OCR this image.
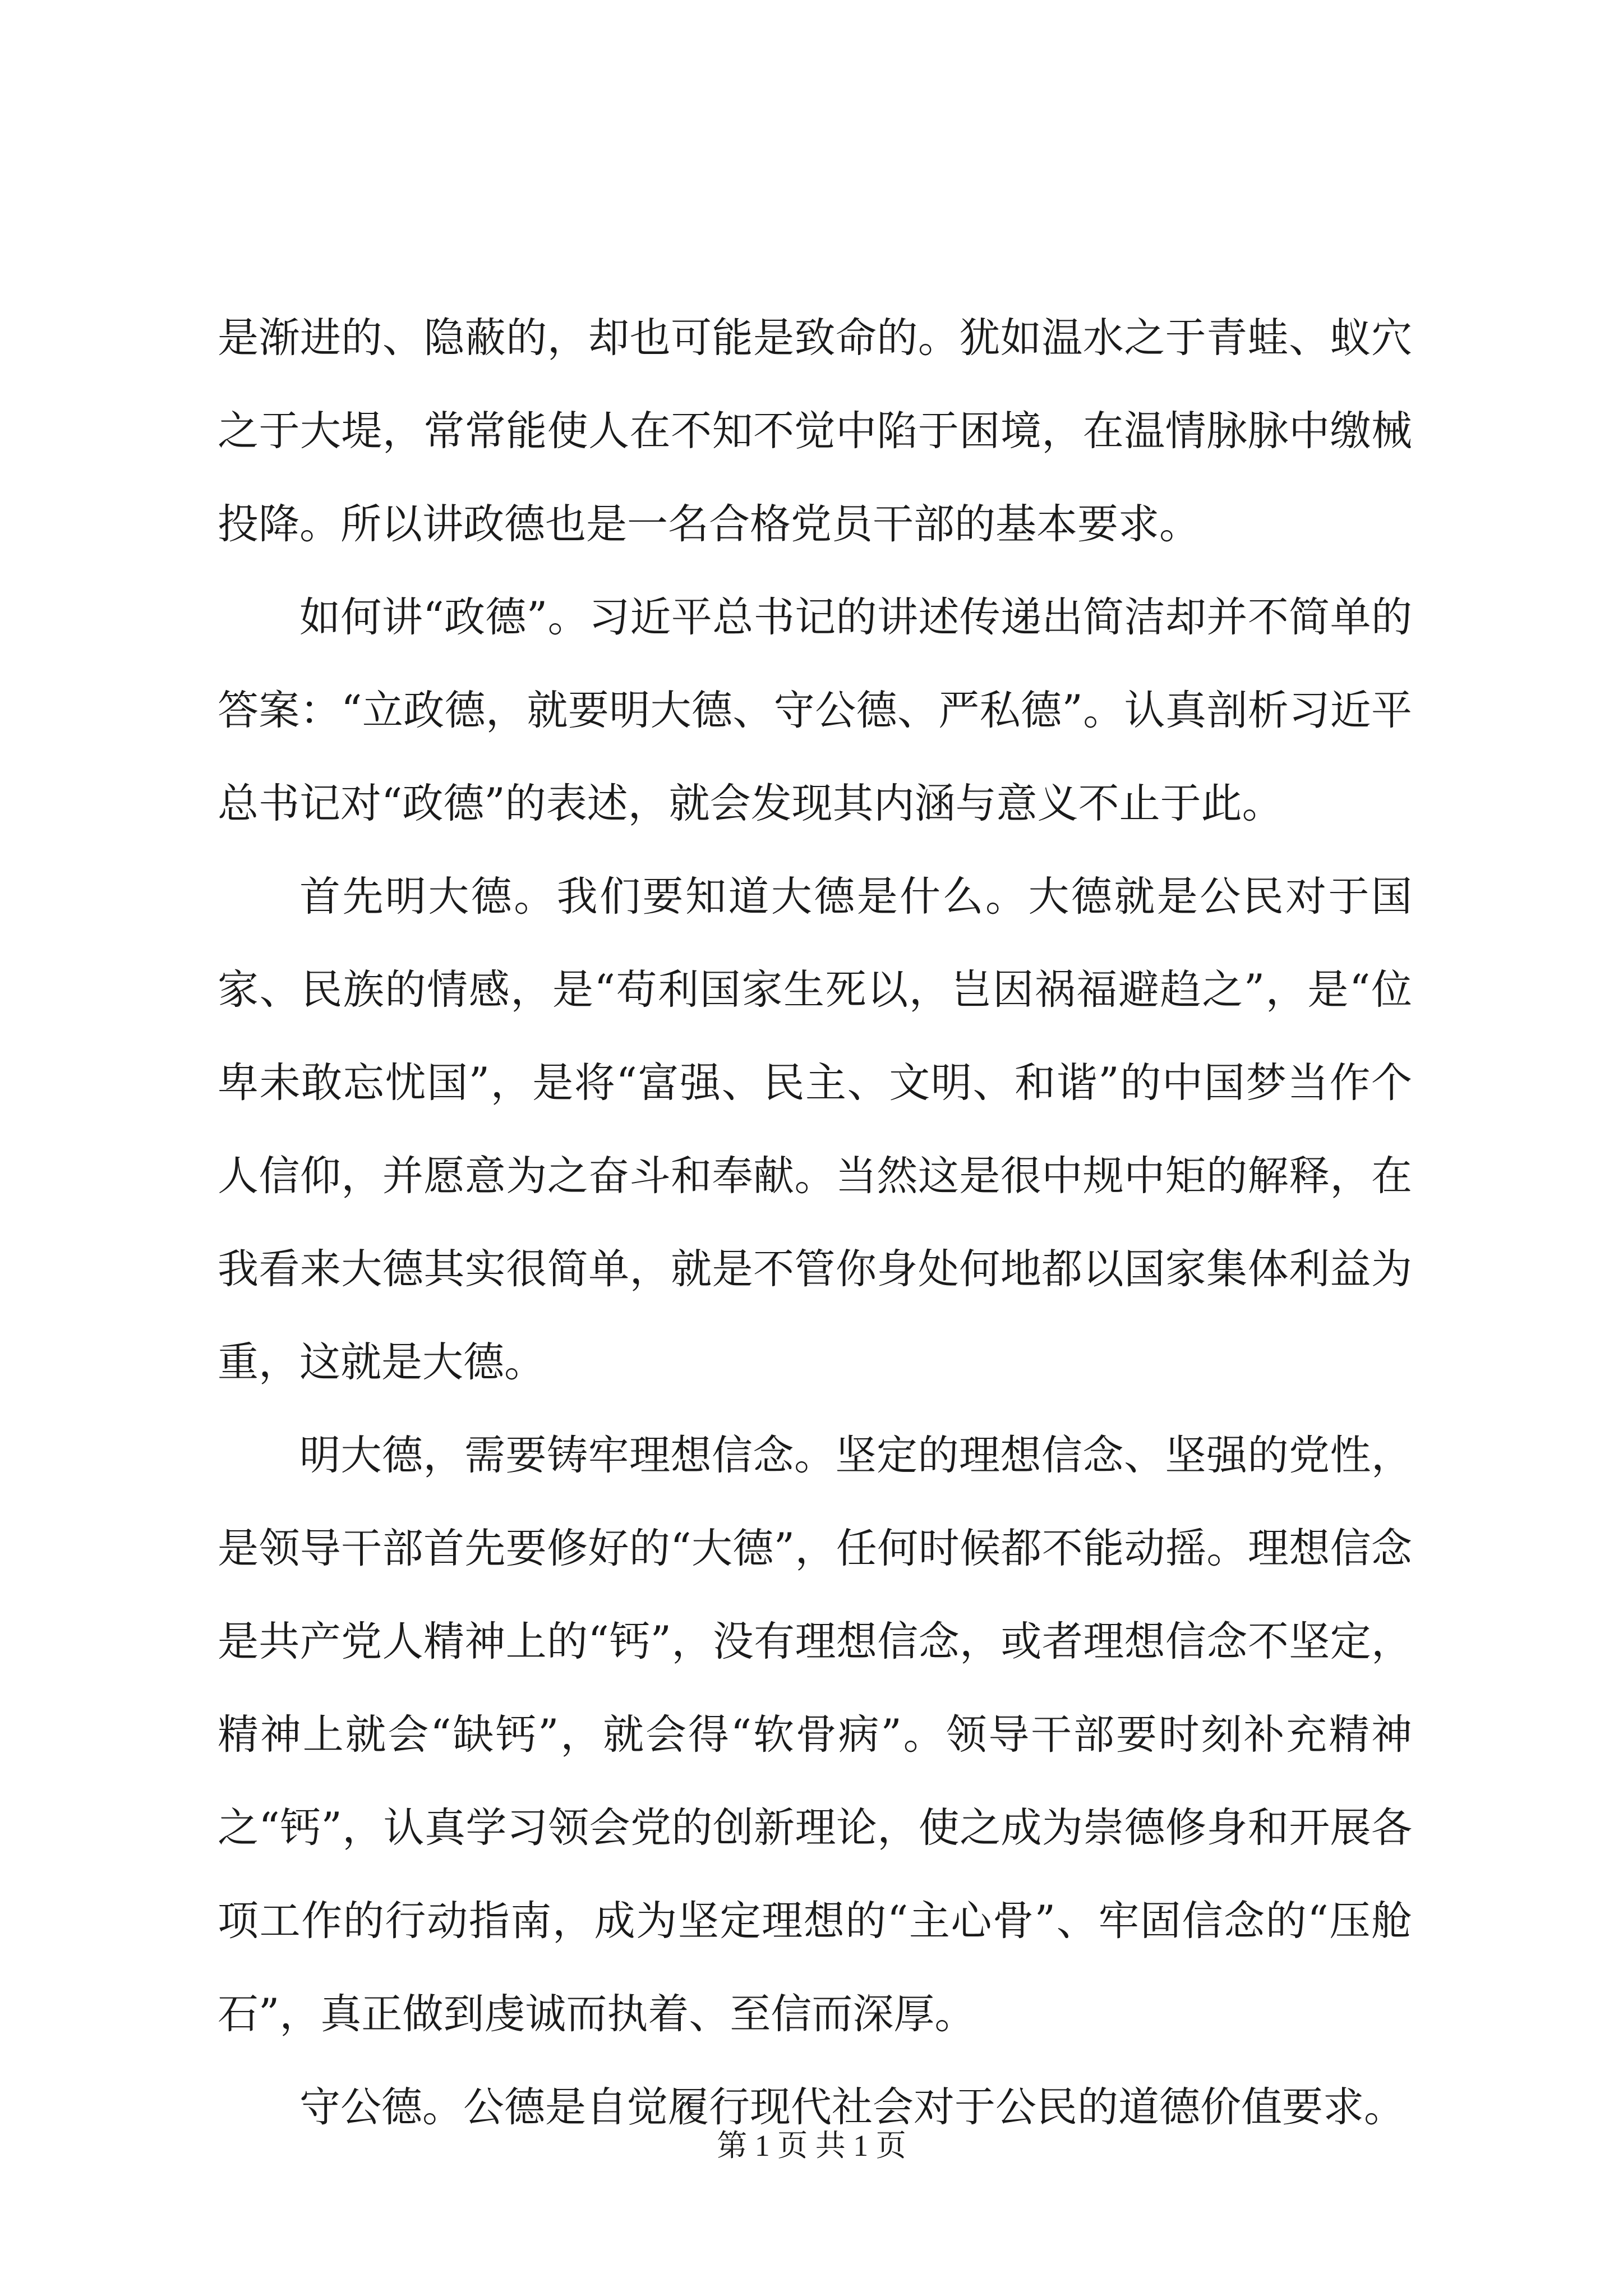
是渐进的、隐蔽的，却也可能是致命的。犹如温水之于青蛙、蚁穴之于大堤，常常能使人在不知不觉中陷于困境，在温情脉脉中缴械投降。所以讲政德也是一名合格党员干部的基本要求。

如何讲“政德”。习近平总书记的讲述传递出简洁却并不简单的答案：“立政德，就要明大德、守公德、严私德”。认真剖析习近平总书记对“政德”的表述，就会发现其内涵与意义不止于此。

首先明大德。我们要知道大德是什么。大德就是公民对于国家、民族的情感，是“苟利国家生死以，岂因祸福避趋之”，是“位卑未敢忘忧国”，是将“富强、民主、文明、和谐”的中国梦当作个人信仰，并愿意为之奋斗和奉献。当然这是很中规中矩的解释，在我看来大德其实很简单，就是不管你身处何地都以国家集体利益为重，这就是大德。

明大德，需要铸牢理想信念。坚定的理想信念、坚强的党性，是领导干部首先要修好的“大德”，任何时候都不能动摇。理想信念是共产党人精神上的“钙”，没有理想信念，或者理想信念不坚定，精神上就会“缺钙”，就会得“软骨病”。领导干部要时刻补充精神之“钙”，认真学习领会党的创新理论，使之成为崇德修身和开展各项工作的行动指南，成为坚定理想的“主心骨”、牢固信念的“压舱石”，真正做到虔诚而执着、至信而深厚。

守公德。公德是自觉履行现代社会对于公民的道德价值要求。

第 1 页 共 1 页
